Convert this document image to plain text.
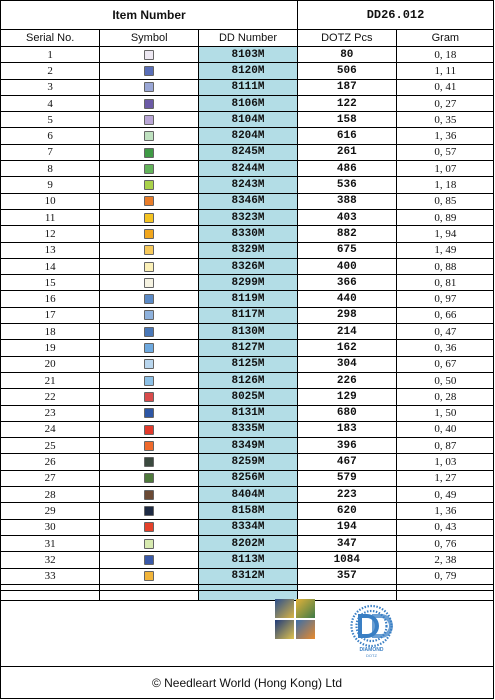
Item Number	DD26.012
Serial No.	Symbol	DD Number	DOTZ Pcs	Gram
1		8103M	80	0, 18
2		8120M	506	1, 11
3		8111M	187	0, 41
4		8106M	122	0, 27
5		8104M	158	0, 35
6		8204M	616	1, 36
7		8245M	261	0, 57
8		8244M	486	1, 07
9		8243M	536	1, 18
10		8346M	388	0, 85
11		8323M	403	0, 89
12		8330M	882	1, 94
13		8329M	675	1, 49
14		8326M	400	0, 88
15		8299M	366	0, 81
16		8119M	440	0, 97
17		8117M	298	0, 66
18		8130M	214	0, 47
19		8127M	162	0, 36
20		8125M	304	0, 67
21		8126M	226	0, 50
22		8025M	129	0, 28
23		8131M	680	1, 50
24		8335M	183	0, 40
25		8349M	396	0, 87
26		8259M	467	1, 03
27		8256M	579	1, 27
28		8404M	223	0, 49
29		8158M	620	1, 36
30		8334M	194	0, 43
31		8202M	347	0, 76
32		8113M	1084	2, 38
33		8312M	357	0, 79

DIAMOND
DOTZ
© Needleart World (Hong Kong) Ltd
